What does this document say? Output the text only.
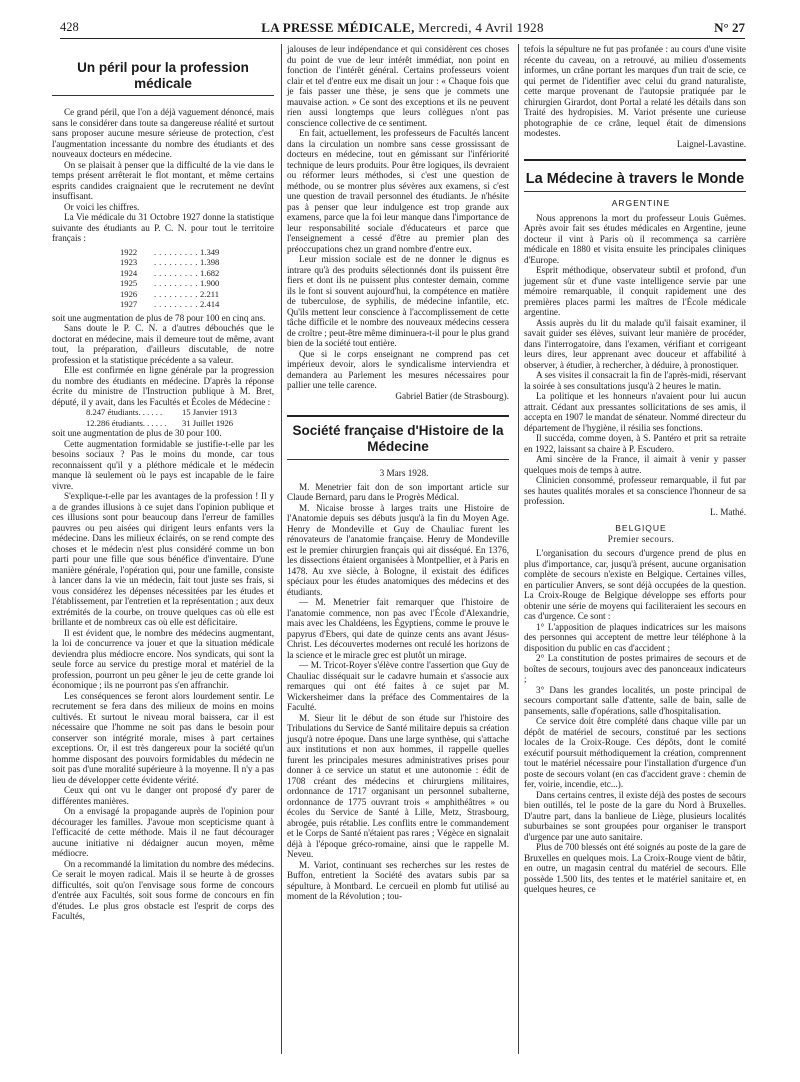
428	LA PRESSE MÉDICALE, Mercredi, 4 Avril 1928	N° 27
Un péril pour la profession médicale

Ce grand péril, que l'on a déjà vaguement dénoncé, mais sans le considérer dans toute sa dangereuse réalité et surtout sans proposer aucune mesure sérieuse de protection, c'est l'augmentation incessante du nombre des étudiants et des nouveaux docteurs en médecine.

On se plaisait à penser que la difficulté de la vie dans le temps présent arrêterait le flot montant, et même certains esprits candides craignaient que le recrutement ne devînt insuffisant.

Or voici les chiffres.

La Vie médicale du 31 Octobre 1927 donne la statistique suivante des étudiants au P. C. N. pour tout le territoire français :

1922 .........1.349

1923 .........1.398

1924 .........1.682

1925 .........1.900

1926 .........2.211

1927 .........2.414

soit une augmentation de plus de 78 pour 100 en cinq ans.

Sans doute le P. C. N. a d'autres débouchés que le doctorat en médecine, mais il demeure tout de même, avant tout, la préparation, d'ailleurs discutable, de notre profession et la statistique précédente a sa valeur.

Elle est confirmée en ligne générale par la progression du nombre des étudiants en médecine. D'après la réponse écrite du ministre de l'Instruction publique à M. Bret, député, il y avait, dans les Facultés et Écoles de Médecine :

8.247 étudiants. . . . . . 15 Janvier 1913

12.286 étudiants. . . . . . 31 Juillet 1926

soit une augmentation de plus de 30 pour 100.

Cette augmentation formidable se justifie-t-elle par les besoins sociaux ? Pas le moins du monde, car tous reconnaissent qu'il y a pléthore médicale et le médecin manque là seulement où le pays est incapable de le faire vivre.

S'explique-t-elle par les avantages de la profession ! Il y a de grandes illusions à ce sujet dans l'opinion publique et ces illusions sont pour beaucoup dans l'erreur de familles pauvres ou peu aisées qui dirigent leurs enfants vers la médecine. Dans les milieux éclairés, on se rend compte des choses et le médecin n'est plus considéré comme un bon parti pour une fille que sous bénéfice d'inventaire. D'une manière générale, l'opération qui, pour une famille, consiste à lancer dans la vie un médecin, fait tout juste ses frais, si vous considérez les dépenses nécessitées par les études et l'établissement, par l'entretien et la représentation ; aux deux extrémités de la courbe, on trouve quelques cas où elle est brillante et de nombreux cas où elle est déficitaire.

Il est évident que, le nombre des médecins augmentant, la loi de concurrence va jouer et que la situation médicale deviendra plus médiocre encore. Nos syndicats, qui sont la seule force au service du prestige moral et matériel de la profession, pourront un peu gêner le jeu de cette grande loi économique ; ils ne pourront pas s'en affranchir.

Les conséquences se feront alors lourdement sentir. Le recrutement se fera dans des milieux de moins en moins cultivés. Et surtout le niveau moral baissera, car il est nécessaire que l'homme ne soit pas dans le besoin pour conserver son intégrité morale, mises à part certaines exceptions. Or, il est très dangereux pour la société qu'un homme disposant des pouvoirs formidables du médecin ne soit pas d'une moralité supérieure à la moyenne. Il n'y a pas lieu de développer cette évidente vérité.

Ceux qui ont vu le danger ont proposé d'y parer de différentes manières.

On a envisagé la propagande auprès de l'opinion pour décourager les familles. J'avoue mon scepticisme quant à l'efficacité de cette méthode. Mais il ne faut décourager aucune initiative ni dédaigner aucun moyen, même médiocre.

On a recommandé la limitation du nombre des médecins. Ce serait le moyen radical. Mais il se heurte à de grosses difficultés, soit qu'on l'envisage sous forme de concours d'entrée aux Facultés, soit sous forme de concours en fin d'études. Le plus gros obstacle est l'esprit de corps des Facultés,

jalouses de leur indépendance et qui considèrent ces choses du point de vue de leur intérêt immédiat, non point en fonction de l'intérêt général. Certains professeurs voient clair et tel d'entre eux me disait un jour : « Chaque fois que je fais passer une thèse, je sens que je commets une mauvaise action. » Ce sont des exceptions et ils ne peuvent rien aussi longtemps que leurs collègues n'ont pas conscience collective de ce sentiment.

En fait, actuellement, les professeurs de Facultés lancent dans la circulation un nombre sans cesse grossissant de docteurs en médecine, tout en gémissant sur l'infériorité technique de leurs produits. Pour être logiques, ils devraient ou réformer leurs méthodes, si c'est une question de méthode, ou se montrer plus sévères aux examens, si c'est une question de travail personnel des étudiants. Je n'hésite pas à penser que leur indulgence est trop grande aux examens, parce que la foi leur manque dans l'importance de leur responsabilité sociale d'éducateurs et parce que l'enseignement a cessé d'être au premier plan des préoccupations chez un grand nombre d'entre eux.

Leur mission sociale est de ne donner le dignus es intrare qu'à des produits sélectionnés dont ils puissent être fiers et dont ils ne puissent plus contester demain, comme ils le font si souvent aujourd'hui, la compétence en matière de tuberculose, de syphilis, de médecine infantile, etc. Qu'ils mettent leur conscience à l'accomplissement de cette tâche difficile et le nombre des nouveaux médecins cessera de croître ; peut-être même diminuera-t-il pour le plus grand bien de la société tout entière.

Que si le corps enseignant ne comprend pas cet impérieux devoir, alors le syndicalisme interviendra et demandera au Parlement les mesures nécessaires pour pallier une telle carence.

Gabriel Batier (de Strasbourg).

Société française d'Histoire de la Médecine

3 Mars 1928.

M. Menetrier fait don de son important article sur Claude Bernard, paru dans le Progrès Médical.

M. Nicaise brosse à larges traits une Histoire de l'Anatomie depuis ses débuts jusqu'à la fin du Moyen Age. Henry de Mondeville et Guy de Chauliac furent les rénovateurs de l'anatomie française. Henry de Mondeville est le premier chirurgien français qui ait disséqué. En 1376, les dissections étaient organisées à Montpellier, et à Paris en 1478. Au xve siècle, à Bologne, il existait des édifices spéciaux pour les études anatomiques des médecins et des étudiants.

— M. Menetrier fait remarquer que l'histoire de l'anatomie commence, non pas avec l'École d'Alexandrie, mais avec les Chaldéens, les Égyptiens, comme le prouve le papyrus d'Ebers, qui date de quinze cents ans avant Jésus-Christ. Les découvertes modernes ont reculé les horizons de la science et le miracle grec est plutôt un mirage.

— M. Tricot-Royer s'élève contre l'assertion que Guy de Chauliac disséquait sur le cadavre humain et s'associe aux remarques qui ont été faites à ce sujet par M. Wickersheimer dans la préface des Commentaires de la Faculté.

M. Sieur lit le début de son étude sur l'histoire des Tribulations du Service de Santé militaire depuis sa création jusqu'à notre époque. Dans une large synthèse, qui s'attache aux institutions et non aux hommes, il rappelle quelles furent les principales mesures administratives prises pour donner à ce service un statut et une autonomie : édit de 1708 créant des médecins et chirurgiens militaires, ordonnance de 1717 organisant un personnel subalterne, ordonnance de 1775 ouvrant trois « amphithéâtres » ou écoles du Service de Santé à Lille, Metz, Strasbourg, abrogée, puis rétablie. Les conflits entre le commandement et le Corps de Santé n'étaient pas rares ; Végèce en signalait déjà à l'époque gréco-romaine, ainsi que le rappelle M. Neveu.

M. Variot, continuant ses recherches sur les restes de Buffon, entretient la Société des avatars subis par sa sépulture, à Montbard. Le cercueil en plomb fut utilisé au moment de la Révolution ; tou-

tefois la sépulture ne fut pas profanée : au cours d'une visite récente du caveau, on a retrouvé, au milieu d'ossements informes, un crâne portant les marques d'un trait de scie, ce qui permet de l'identifier avec celui du grand naturaliste, cette marque provenant de l'autopsie pratiquée par le chirurgien Girardot, dont Portal a relaté les détails dans son Traité des hydropisies. M. Variot présente une curieuse photographie de ce crâne, lequel était de dimensions modestes.

Laignel-Lavastine.

La Médecine à travers le Monde

ARGENTINE

Nous apprenons la mort du professeur Louis Guëmes. Après avoir fait ses études médicales en Argentine, jeune docteur il vint à Paris où il recommença sa carrière médicale en 1880 et visita ensuite les principales cliniques d'Europe.

Esprit méthodique, observateur subtil et profond, d'un jugement sûr et d'une vaste intelligence servie par une mémoire remarquable, il conquit rapidement une des premières places parmi les maîtres de l'École médicale argentine.

Assis auprès du lit du malade qu'il faisait examiner, il savait guider ses élèves, suivant leur manière de procéder, dans l'interrogatoire, dans l'examen, vérifiant et corrigeant leurs dires, leur apprenant avec douceur et affabilité à observer, à étudier, à rechercher, à déduire, à pronostiquer.

A ses visites il consacrait la fin de l'après-midi, réservant la soirée à ses consultations jusqu'à 2 heures le matin.

La politique et les honneurs n'avaient pour lui aucun attrait. Cédant aux pressantes sollicitations de ses amis, il accepta en 1907 le mandat de sénateur. Nommé directeur du département de l'hygiène, il résilia ses fonctions.

Il succéda, comme doyen, à S. Pantéro et prit sa retraite en 1922, laissant sa chaire à P. Escudero.

Ami sincère de la France, il aimait à venir y passer quelques mois de temps à autre.

Clinicien consommé, professeur remarquable, il fut par ses hautes qualités morales et sa conscience l'honneur de sa profession.

L. Mathé.

BELGIQUE

Premier secours.

L'organisation du secours d'urgence prend de plus en plus d'importance, car, jusqu'à présent, aucune organisation complète de secours n'existe en Belgique. Certaines villes, en particulier Anvers, se sont déjà occupées de la question. La Croix-Rouge de Belgique développe ses efforts pour obtenir une série de moyens qui faciliteraient les secours en cas d'urgence. Ce sont :

1° L'apposition de plaques indicatrices sur les maisons des personnes qui acceptent de mettre leur téléphone à la disposition du public en cas d'accident ;

2° La constitution de postes primaires de secours et de boîtes de secours, toujours avec des panonceaux indicateurs ;

3° Dans les grandes localités, un poste principal de secours comportant salle d'attente, salle de bain, salle de pansements, salle d'opérations, salle d'hospitalisation.

Ce service doit être complété dans chaque ville par un dépôt de matériel de secours, constitué par les sections locales de la Croix-Rouge. Ces dépôts, dont le comité exécutif poursuit méthodiquement la création, comprennent tout le matériel nécessaire pour l'installation d'urgence d'un poste de secours volant (en cas d'accident grave : chemin de fer, voirie, incendie, etc...).

Dans certains centres, il existe déjà des postes de secours bien outillés, tel le poste de la gare du Nord à Bruxelles. D'autre part, dans la banlieue de Liège, plusieurs localités suburbaines se sont groupées pour organiser le transport d'urgence par une auto sanitaire.

Plus de 700 blessés ont été soignés au poste de la gare de Bruxelles en quelques mois. La Croix-Rouge vient de bâtir, en outre, un magasin central du matériel de secours. Elle possède 1.500 lits, des tentes et le matériel sanitaire et, en quelques heures, ce
